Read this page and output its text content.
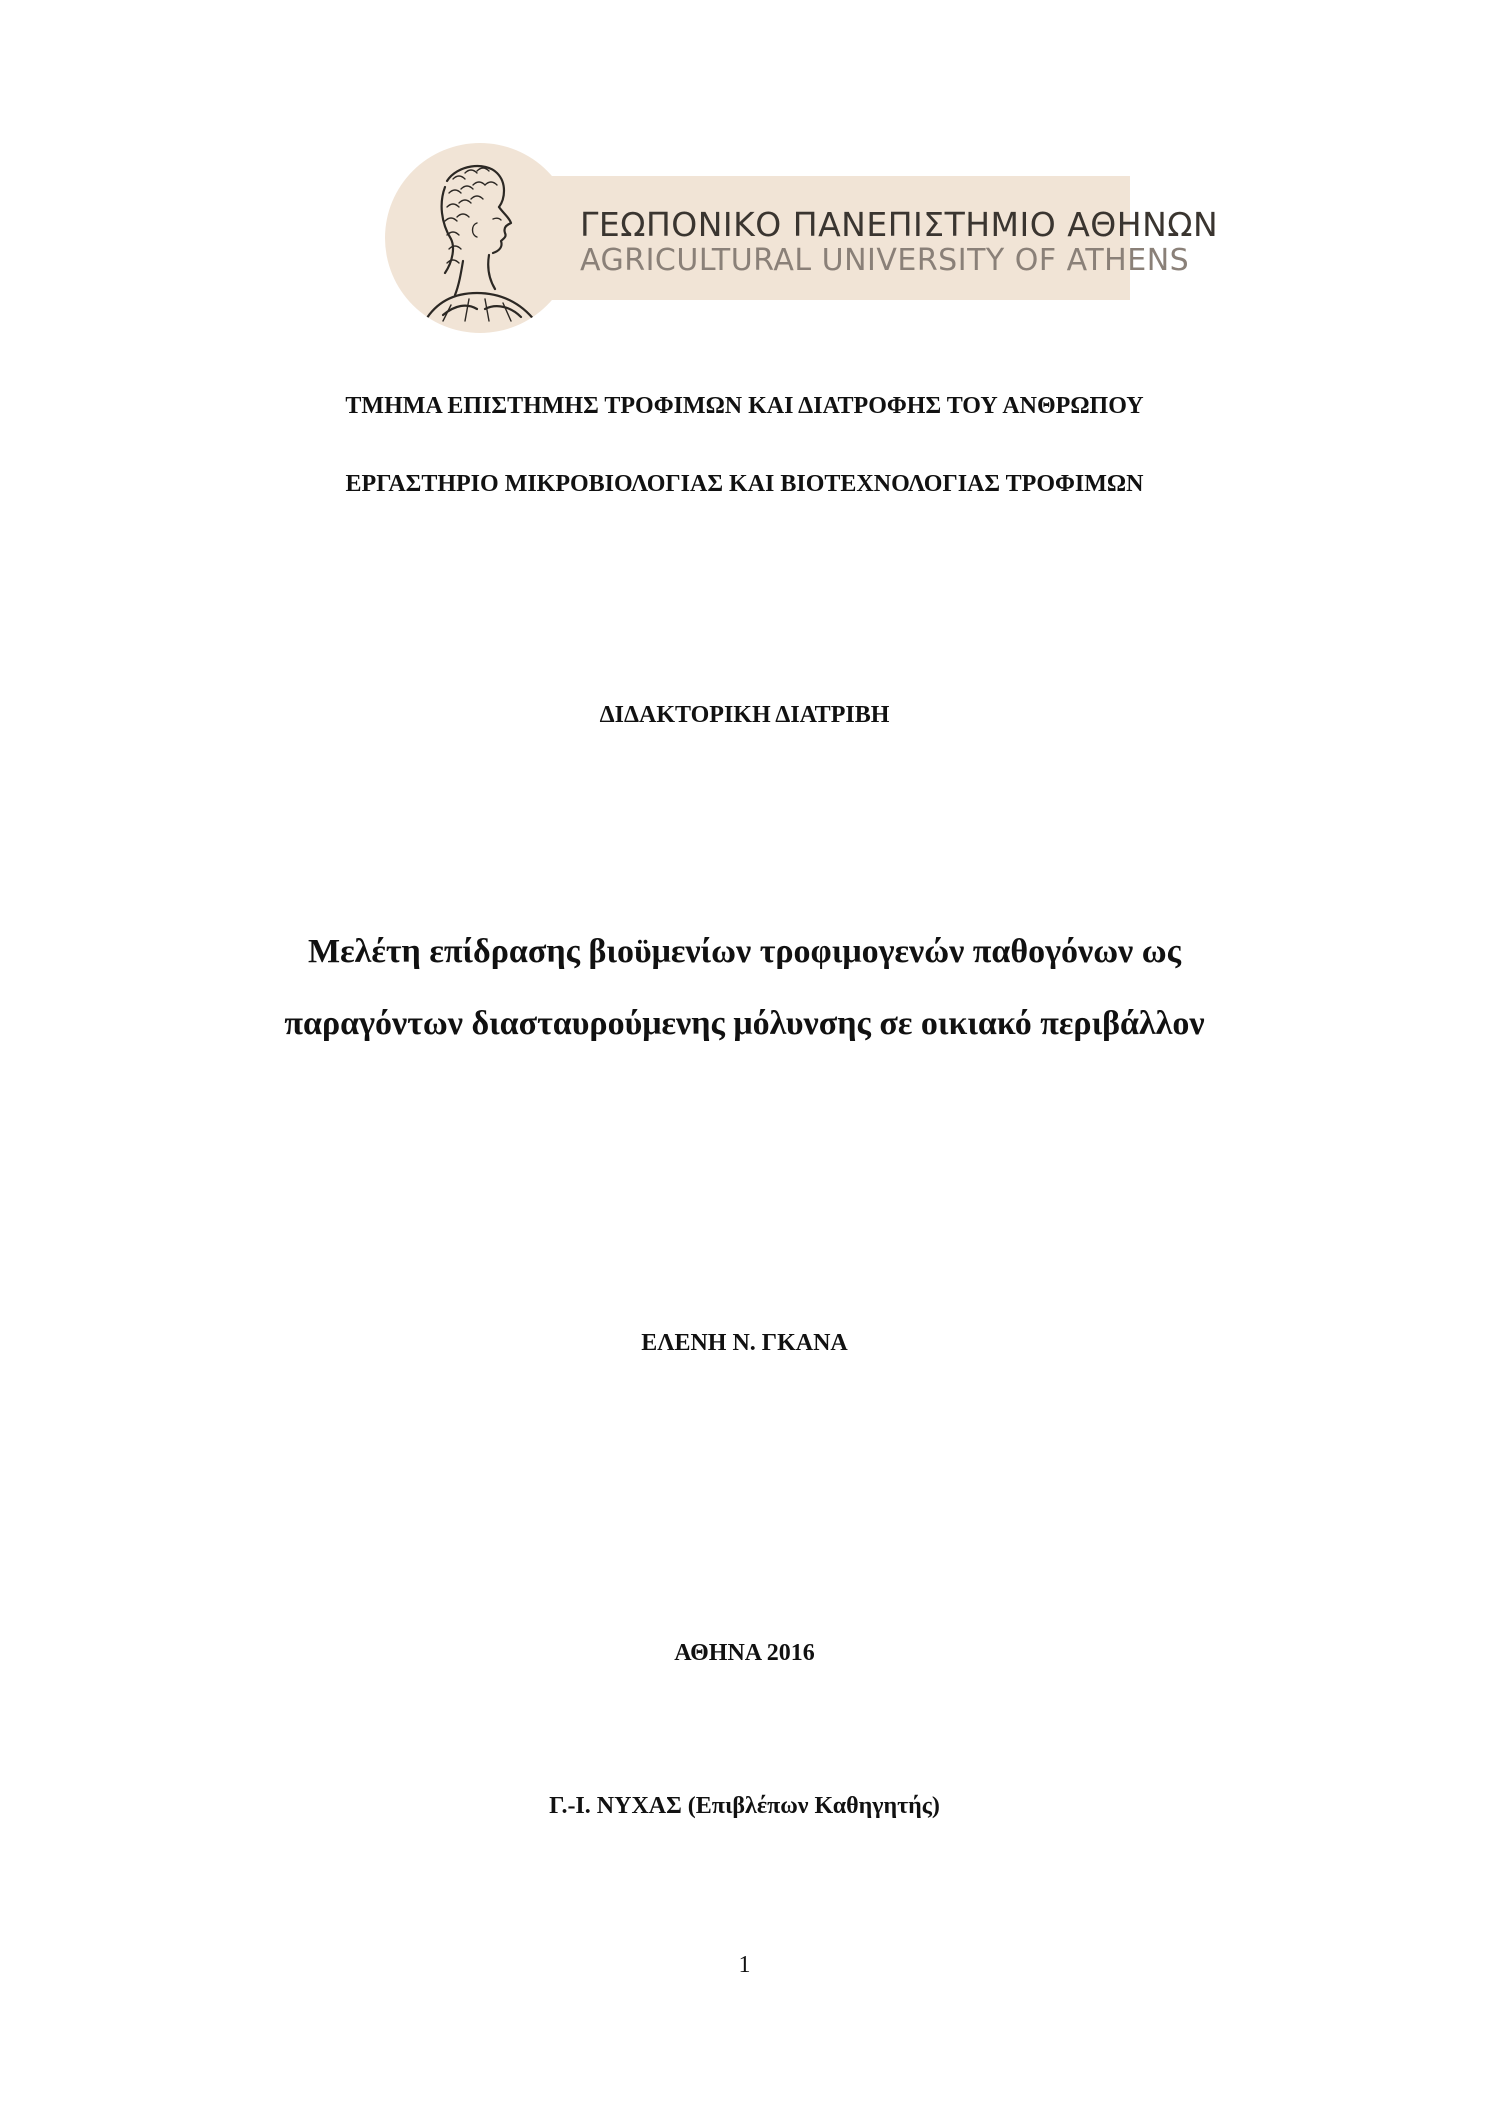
ΓΕΩΠΟΝΙΚΟ ΠΑΝΕΠΙΣΤΗΜΙΟ ΑΘΗΝΩΝ
AGRICULTURAL UNIVERSITY OF ATHENS
ΤΜΗΜΑ ΕΠΙΣΤΗΜΗΣ ΤΡΟΦΙΜΩΝ ΚΑΙ ΔΙΑΤΡΟΦΗΣ ΤΟΥ ΑΝΘΡΩΠΟΥ
ΕΡΓΑΣΤΗΡΙΟ ΜΙΚΡΟΒΙΟΛΟΓΙΑΣ ΚΑΙ ΒΙΟΤΕΧΝΟΛΟΓΙΑΣ ΤΡΟΦΙΜΩΝ
ΔΙΔΑΚΤΟΡΙΚΗ ΔΙΑΤΡΙΒΗ
Μελέτη επίδρασης βιοϋμενίων τροφιμογενών παθογόνων ως
παραγόντων διασταυρούμενης μόλυνσης σε οικιακό περιβάλλον
ΕΛΕΝΗ Ν. ΓΚΑΝΑ
ΑΘΗΝΑ 2016
Γ.-Ι. ΝΥΧΑΣ (Επιβλέπων Καθηγητής)
1
